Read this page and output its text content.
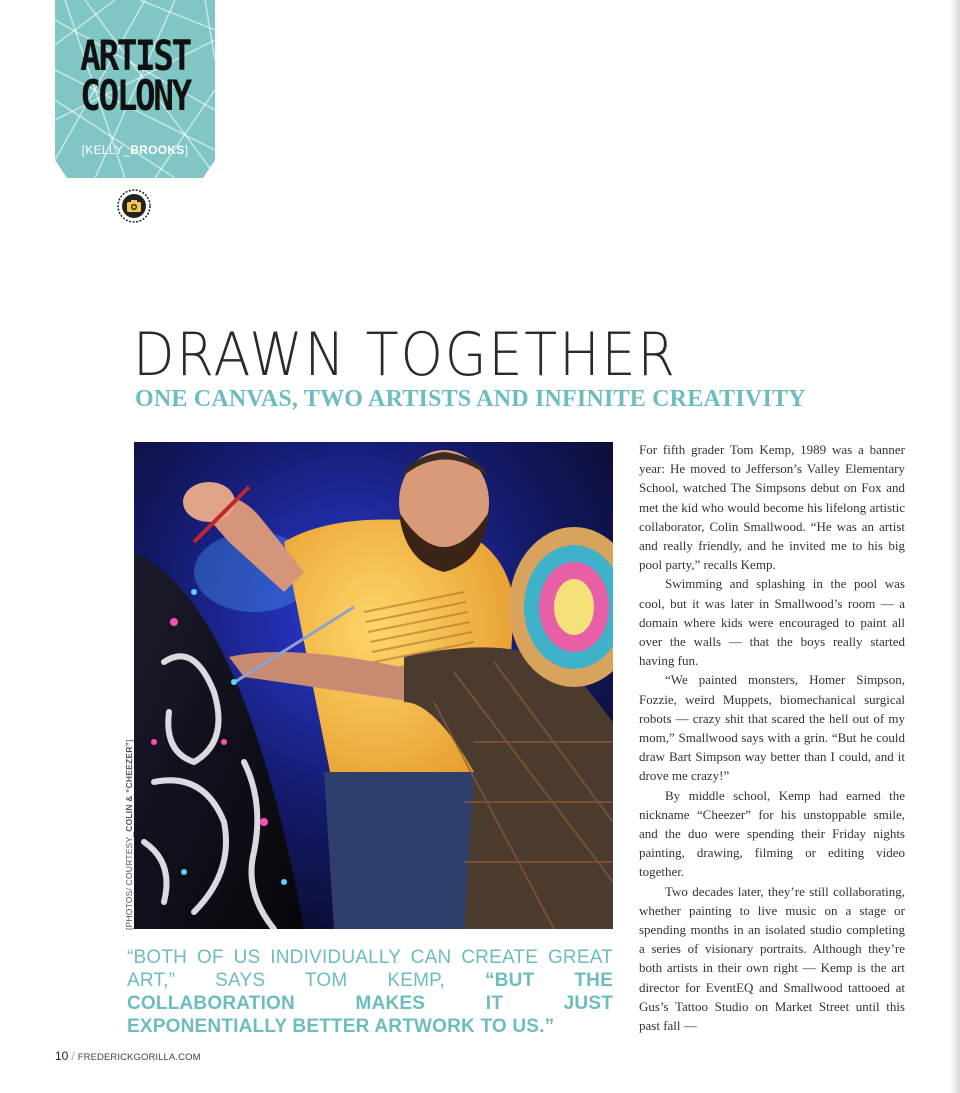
ARTIST
COLONY
[KELLY_BROOKS]
DRAWN TOGETHER
ONE CANVAS, TWO ARTISTS AND INFINITE CREATIVITY
[PHOTOS/ COURTESY_COLIN & “CHEEZER”]

“BOTH OF US INDIVIDUALLY CAN CREATE GREAT ART,” SAYS TOM KEMP, “BUT THE COLLABORATION MAKES IT JUST EXPONENTIALLY BETTER ARTWORK TO US.”

For fifth grader Tom Kemp, 1989 was a banner year: He moved to Jefferson’s Valley Elementary School, watched The Simpsons debut on Fox and met the kid who would become his lifelong artistic collaborator, Colin Smallwood. “He was an artist and really friendly, and he invited me to his big pool party,” recalls Kemp.

Swimming and splashing in the pool was cool, but it was later in Smallwood’s room — a domain where kids were encouraged to paint all over the walls — that the boys really started having fun.

“We painted monsters, Homer Simpson, Fozzie, weird Muppets, biomechanical surgical robots — crazy shit that scared the hell out of my mom,” Smallwood says with a grin. “But he could draw Bart Simpson way better than I could, and it drove me crazy!”

By middle school, Kemp had earned the nickname “Cheezer” for his unstoppable smile, and the duo were spending their Friday nights painting, drawing, filming or editing video together.

Two decades later, they’re still collaborating, whether painting to live music on a stage or spending months in an isolated studio completing a series of visionary portraits. Although they’re both artists in their own right — Kemp is the art director for EventEQ and Smallwood tattooed at Gus’s Tattoo Studio on Market Street until this past fall —

10 / FREDERICKGORILLA.COM
